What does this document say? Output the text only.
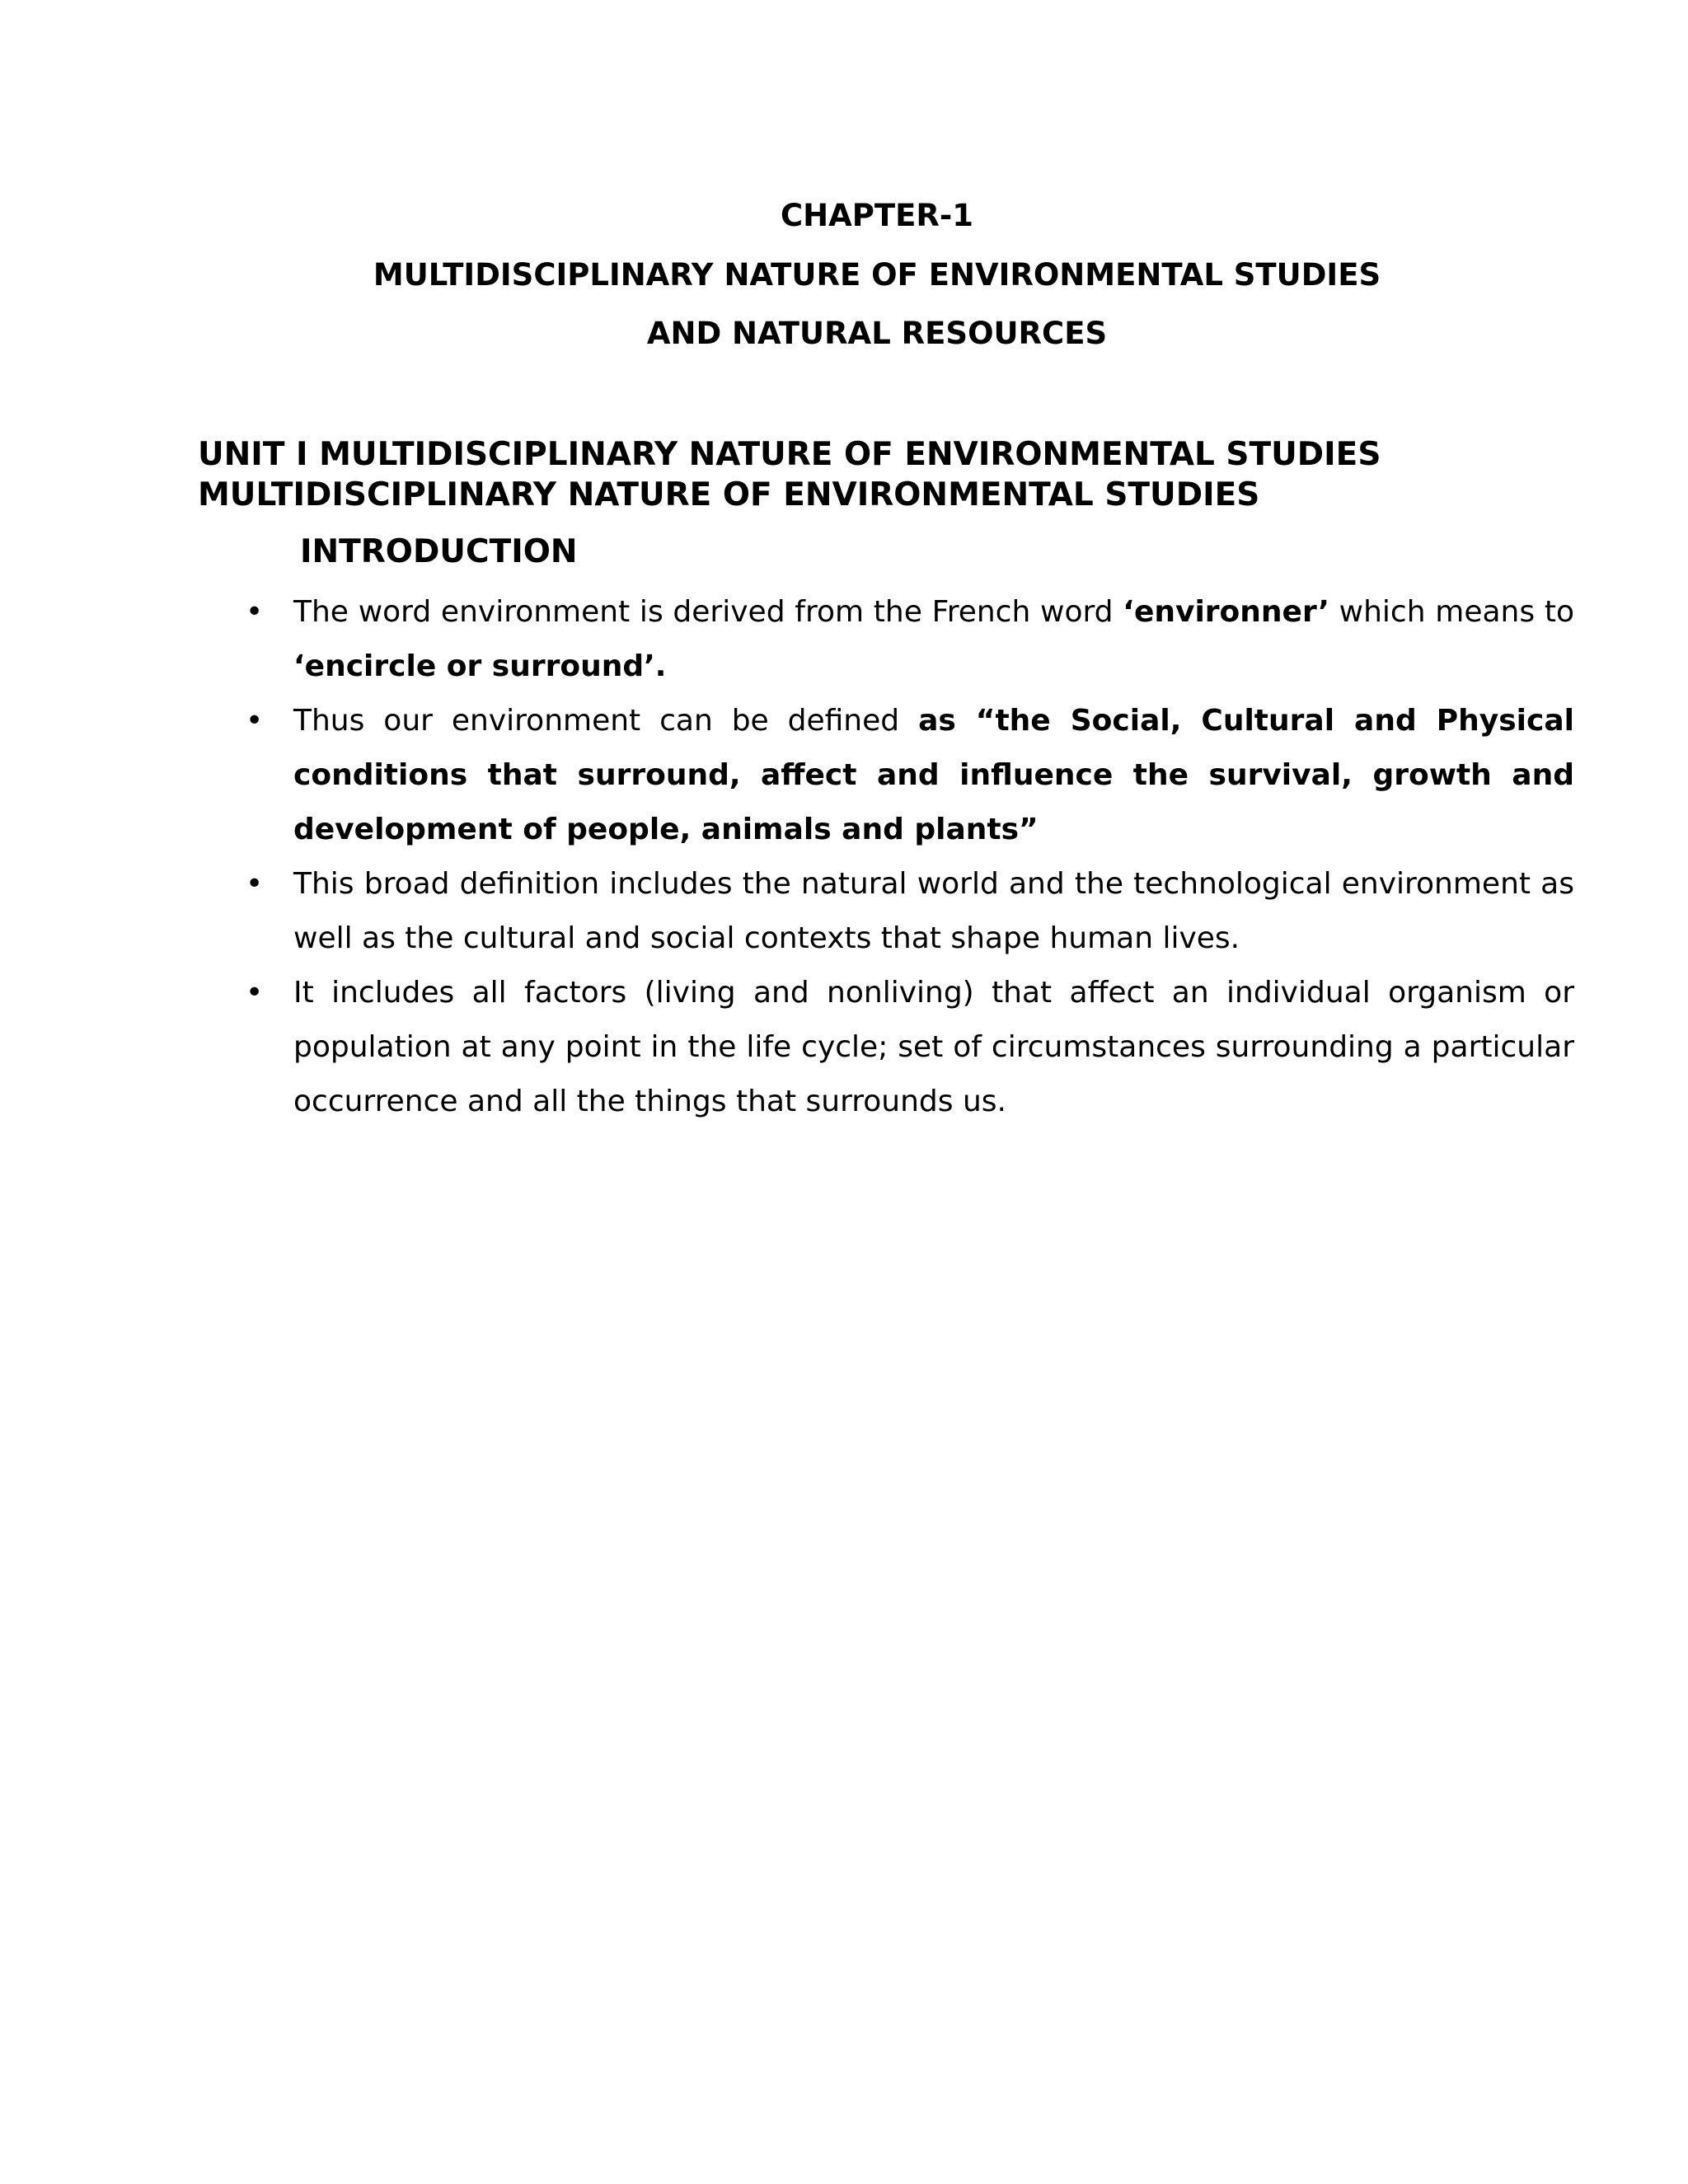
CHAPTER-1
MULTIDISCIPLINARY NATURE OF ENVIRONMENTAL STUDIES
AND NATURAL RESOURCES
UNIT I MULTIDISCIPLINARY NATURE OF ENVIRONMENTAL STUDIES
MULTIDISCIPLINARY NATURE OF ENVIRONMENTAL STUDIES
INTRODUCTION
• The word environment is derived from the French word ‘environner’ which means to ‘encircle or surround’.
• Thus our environment can be defined as “the Social, Cultural and Physical conditions that surround, affect and influence the survival, growth and development of people, animals and plants”
• This broad definition includes the natural world and the technological environment as well as the cultural and social contexts that shape human lives.
• It includes all factors (living and nonliving) that affect an individual organism or population at any point in the life cycle; set of circumstances surrounding a particular occurrence and all the things that surrounds us.
